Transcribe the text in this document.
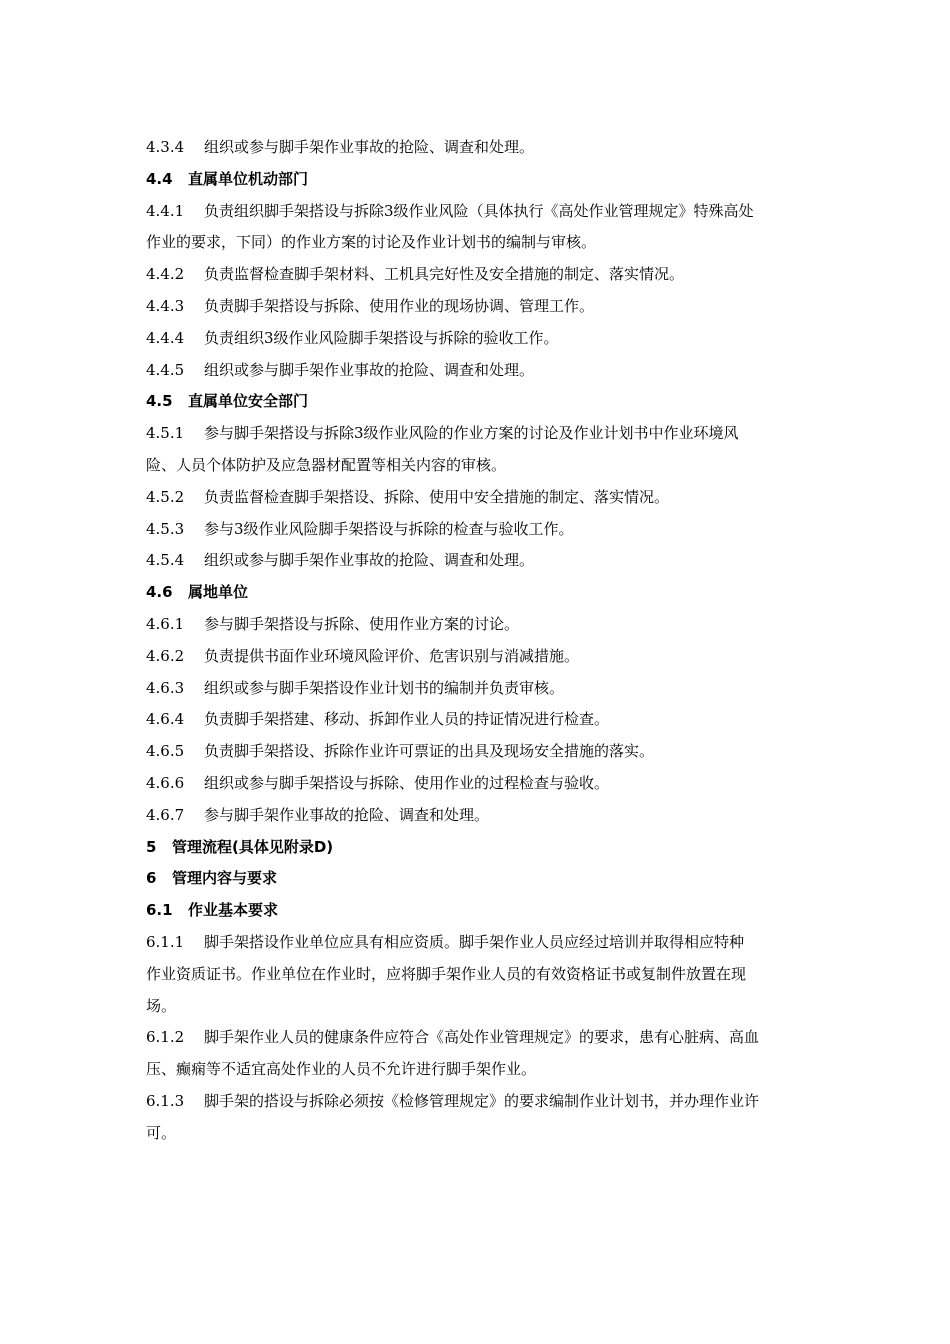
4.3.4 组织或参与脚手架作业事故的抢险、调查和处理。
4.4 直属单位机动部门
4.4.1 负责组织脚手架搭设与拆除3级作业风险（具体执行《高处作业管理规定》特殊高处
作业的要求，下同）的作业方案的讨论及作业计划书的编制与审核。
4.4.2 负责监督检查脚手架材料、工机具完好性及安全措施的制定、落实情况。
4.4.3 负责脚手架搭设与拆除、使用作业的现场协调、管理工作。
4.4.4 负责组织3级作业风险脚手架搭设与拆除的验收工作。
4.4.5 组织或参与脚手架作业事故的抢险、调查和处理。
4.5 直属单位安全部门
4.5.1 参与脚手架搭设与拆除3级作业风险的作业方案的讨论及作业计划书中作业环境风
险、人员个体防护及应急器材配置等相关内容的审核。
4.5.2 负责监督检查脚手架搭设、拆除、使用中安全措施的制定、落实情况。
4.5.3 参与3级作业风险脚手架搭设与拆除的检查与验收工作。
4.5.4 组织或参与脚手架作业事故的抢险、调查和处理。
4.6 属地单位
4.6.1 参与脚手架搭设与拆除、使用作业方案的讨论。
4.6.2 负责提供书面作业环境风险评价、危害识别与消减措施。
4.6.3 组织或参与脚手架搭设作业计划书的编制并负责审核。
4.6.4 负责脚手架搭建、移动、拆卸作业人员的持证情况进行检查。
4.6.5 负责脚手架搭设、拆除作业许可票证的出具及现场安全措施的落实。
4.6.6 组织或参与脚手架搭设与拆除、使用作业的过程检查与验收。
4.6.7 参与脚手架作业事故的抢险、调查和处理。
5 管理流程(具体见附录D)
6 管理内容与要求
6.1 作业基本要求
6.1.1 脚手架搭设作业单位应具有相应资质。脚手架作业人员应经过培训并取得相应特种
作业资质证书。作业单位在作业时，应将脚手架作业人员的有效资格证书或复制件放置在现
场。
6.1.2 脚手架作业人员的健康条件应符合《高处作业管理规定》的要求，患有心脏病、高血
压、癫痫等不适宜高处作业的人员不允许进行脚手架作业。
6.1.3 脚手架的搭设与拆除必须按《检修管理规定》的要求编制作业计划书，并办理作业许
可。
